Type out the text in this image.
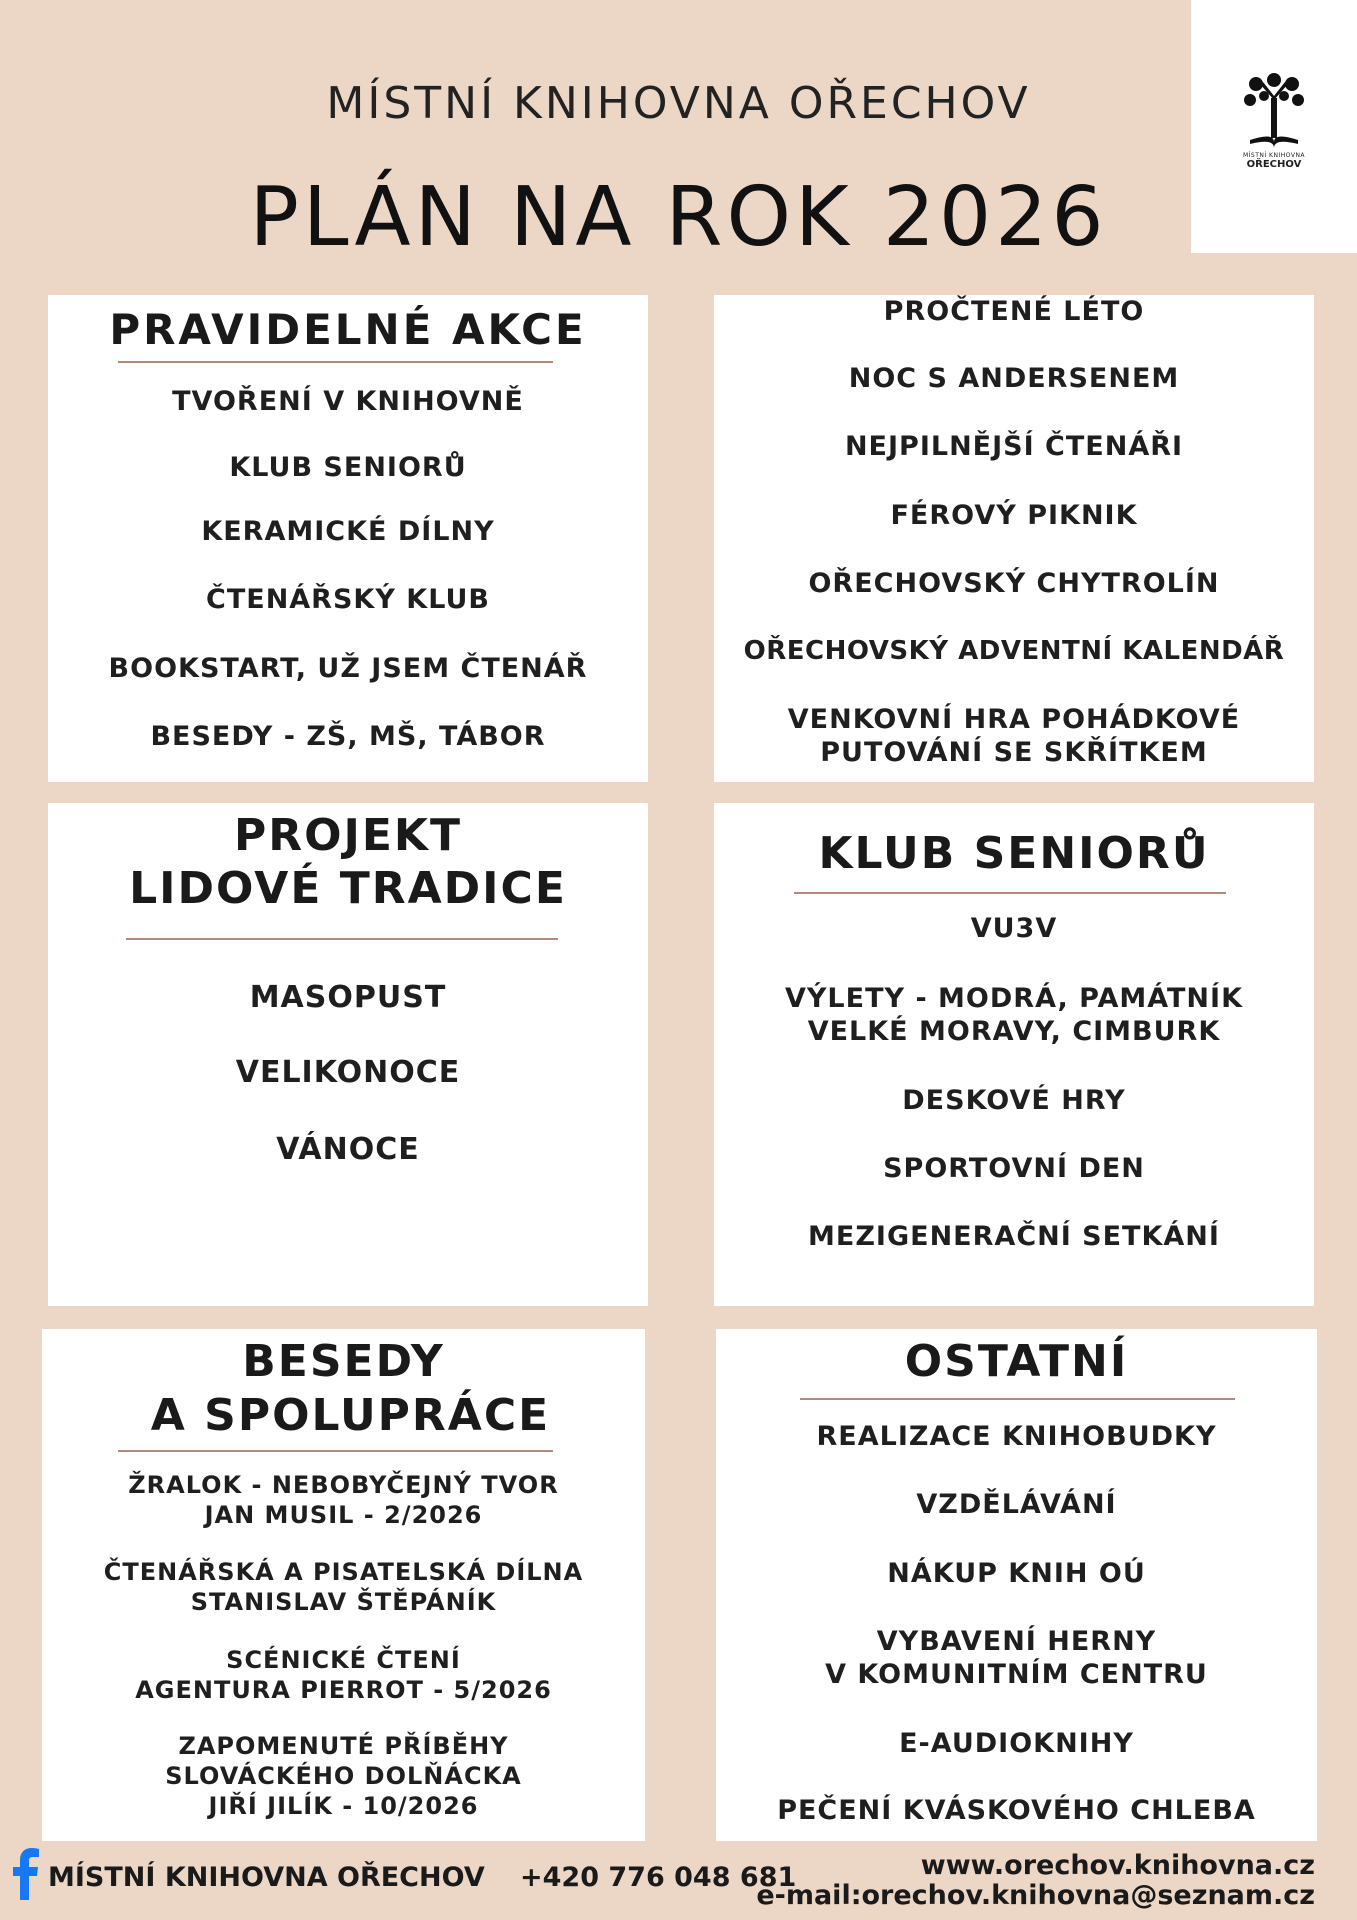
MÍSTNÍ KNIHOVNA
OŘECHOV
MÍSTNÍ KNIHOVNA OŘECHOV
PLÁN NA ROK 2026
PRAVIDELNÉ AKCE
TVOŘENÍ V KNIHOVNĚ
KLUB SENIORŮ
KERAMICKÉ DÍLNY
ČTENÁŘSKÝ KLUB
BOOKSTART, UŽ JSEM ČTENÁŘ
BESEDY - ZŠ, MŠ, TÁBOR
PROČTENÉ LÉTO
NOC S ANDERSENEM
NEJPILNĚJŠÍ ČTENÁŘI
FÉROVÝ PIKNIK
OŘECHOVSKÝ CHYTROLÍN
OŘECHOVSKÝ ADVENTNÍ KALENDÁŘ
VENKOVNÍ HRA POHÁDKOVÉ
PUTOVÁNÍ SE SKŘÍTKEM
PROJEKT
LIDOVÉ TRADICE
MASOPUST
VELIKONOCE
VÁNOCE
KLUB SENIORŮ
VU3V
VÝLETY - MODRÁ, PAMÁTNÍK
VELKÉ MORAVY, CIMBURK
DESKOVÉ HRY
SPORTOVNÍ DEN
MEZIGENERAČNÍ SETKÁNÍ
BESEDY
A SPOLUPRÁCE
ŽRALOK - NEBOBYČEJNÝ TVOR
JAN MUSIL - 2/2026
ČTENÁŘSKÁ A PISATELSKÁ DÍLNA
STANISLAV ŠTĚPÁNÍK
SCÉNICKÉ ČTENÍ
AGENTURA PIERROT - 5/2026
ZAPOMENUTÉ PŘÍBĚHY
SLOVÁCKÉHO DOLŇÁCKA
JIŘÍ JILÍK - 10/2026
OSTATNÍ
REALIZACE KNIHOBUDKY
VZDĚLÁVÁNÍ
NÁKUP KNIH OÚ
VYBAVENÍ HERNY
V KOMUNITNÍM CENTRU
E-AUDIOKNIHY
PEČENÍ KVÁSKOVÉHO CHLEBA
MÍSTNÍ KNIHOVNA OŘECHOV +420 776 048 681	www.orechov.knihovna.cz
e-mail:orechov.knihovna@seznam.cz
